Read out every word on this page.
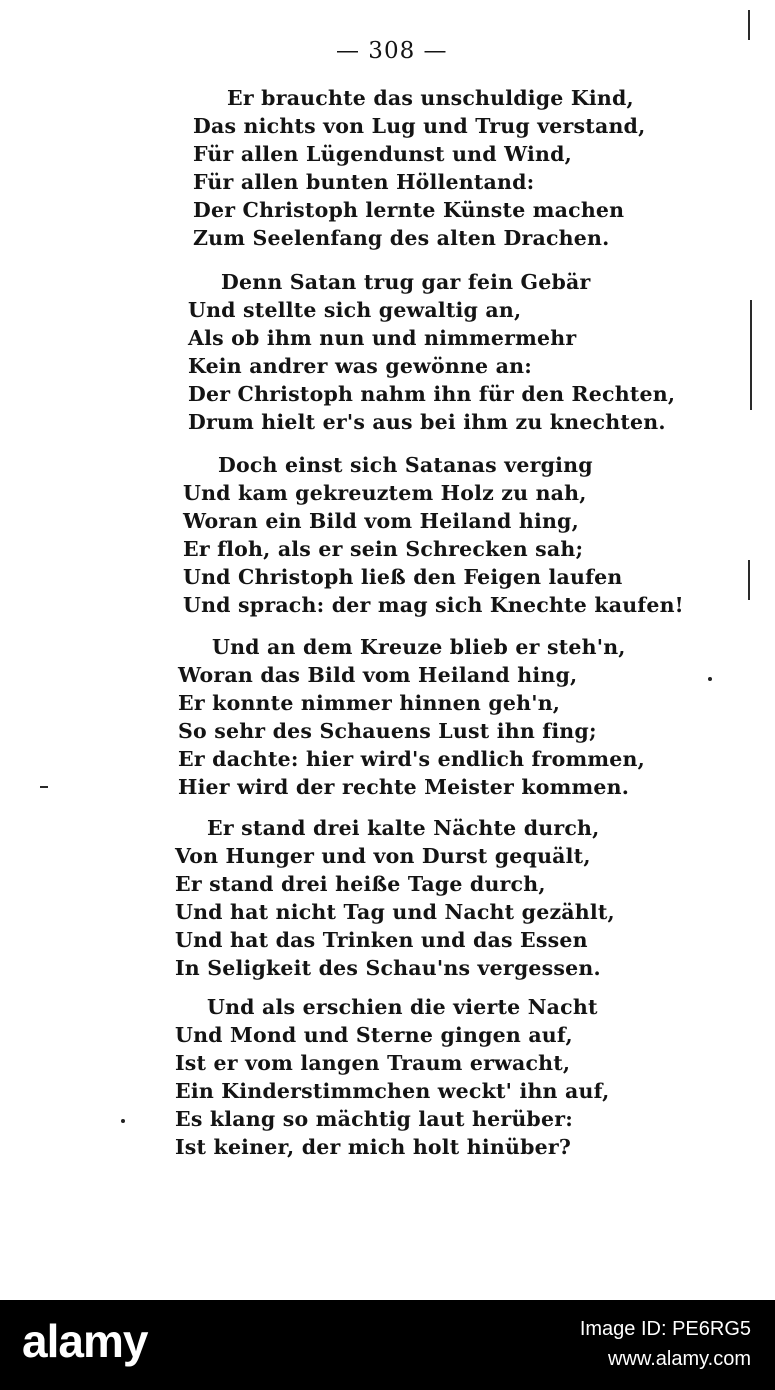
— 308 —
Er brauchte das unschuldige Kind,
Das nichts von Lug und Trug verstand,
Für allen Lügendunst und Wind,
Für allen bunten Höllentand:
Der Christoph lernte Künste machen
Zum Seelenfang des alten Drachen.
Denn Satan trug gar fein Gebär
Und stellte sich gewaltig an,
Als ob ihm nun und nimmermehr
Kein andrer was gewönne an:
Der Christoph nahm ihn für den Rechten,
Drum hielt er's aus bei ihm zu knechten.
Doch einst sich Satanas verging
Und kam gekreuztem Holz zu nah,
Woran ein Bild vom Heiland hing,
Er floh, als er sein Schrecken sah;
Und Christoph ließ den Feigen laufen
Und sprach: der mag sich Knechte kaufen!
Und an dem Kreuze blieb er steh'n,
Woran das Bild vom Heiland hing,
Er konnte nimmer hinnen geh'n,
So sehr des Schauens Lust ihn fing;
Er dachte: hier wird's endlich frommen,
Hier wird der rechte Meister kommen.
Er stand drei kalte Nächte durch,
Von Hunger und von Durst gequält,
Er stand drei heiße Tage durch,
Und hat nicht Tag und Nacht gezählt,
Und hat das Trinken und das Essen
In Seligkeit des Schau'ns vergessen.
Und als erschien die vierte Nacht
Und Mond und Sterne gingen auf,
Ist er vom langen Traum erwacht,
Ein Kinderstimmchen weckt' ihn auf,
Es klang so mächtig laut herüber:
Ist keiner, der mich holt hinüber?
alamy	Image ID: PE6RG5
www.alamy.com
